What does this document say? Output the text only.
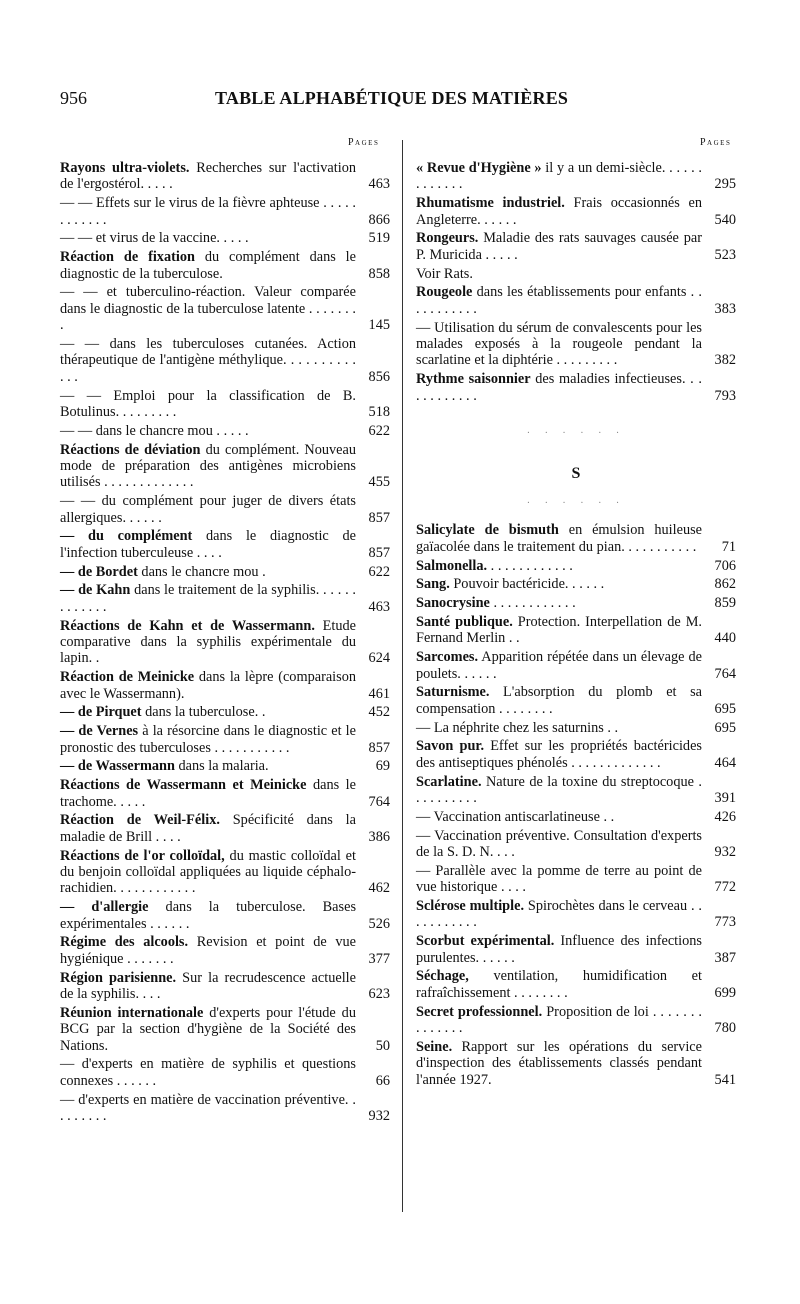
956	TABLE ALPHABÉTIQUE DES MATIÈRES
Pages	Pages
Rayons ultra-violets. Recherches sur l'activation de l'ergostérol. . . . .	463
— — Effets sur le virus de la fièvre aphteuse . . . . . . . . . . . .	866
— — et virus de la vaccine. . . . .	519
Réaction de fixation du complément dans le diagnostic de la tuberculose.	858
— — et tuberculino-réaction. Valeur comparée dans le diagnostic de la tuberculose latente . . . . . . . .	145
— — dans les tuberculoses cutanées. Action thérapeutique de l'antigène méthylique. . . . . . . . . . . . .	856
— — Emploi pour la classification de B. Botulinus. . . . . . . . .	518
— — dans le chancre mou . . . . .	622
Réactions de déviation du complément. Nouveau mode de préparation des antigènes microbiens utilisés . . . . . . . . . . . . .	455
— — du complément pour juger de divers états allergiques. . . . . .	857
— du complément dans le diagnostic de l'infection tuberculeuse . . . .	857
— de Bordet dans le chancre mou .	622
— de Kahn dans le traitement de la syphilis. . . . . . . . . . . . .	463
Réactions de Kahn et de Wassermann. Etude comparative dans la syphilis expérimentale du lapin. .	624
Réaction de Meinicke dans la lèpre (comparaison avec le Wassermann).	461
— de Pirquet dans la tuberculose. .	452
— de Vernes à la résorcine dans le diagnostic et le pronostic des tuberculoses . . . . . . . . . . .	857
— de Wassermann dans la malaria.	69
Réactions de Wassermann et Meinicke dans le trachome. . . . .	764
Réaction de Weil-Félix. Spécificité dans la maladie de Brill . . . .	386
Réactions de l'or colloïdal, du mastic colloïdal et du benjoin colloïdal appliquées au liquide céphalo-rachidien. . . . . . . . . . . .	462
— d'allergie dans la tuberculose. Bases expérimentales . . . . . .	526
Régime des alcools. Revision et point de vue hygiénique . . . . . . .	377
Région parisienne. Sur la recrudescence actuelle de la syphilis. . . .	623
Réunion internationale d'experts pour l'étude du BCG par la section d'hygiène de la Société des Nations.	50
— d'experts en matière de syphilis et questions connexes . . . . . .	66
— d'experts en matière de vaccination préventive. . . . . . . . .	932
« Revue d'Hygiène » il y a un demi-siècle. . . . . . . . . . . . .	295
Rhumatisme industriel. Frais occasionnés en Angleterre. . . . . .	540
Rongeurs. Maladie des rats sauvages causée par P. Muricida . . . . .	523
Voir Rats.
Rougeole dans les établissements pour enfants . . . . . . . . . . .	383
— Utilisation du sérum de convalescents pour les malades exposés à la rougeole pendant la scarlatine et la diphtérie . . . . . . . . .	382
Rythme saisonnier des maladies infectieuses. . . . . . . . . . . .	793
· · · · · ·
S
· · · · · ·
Salicylate de bismuth en émulsion huileuse gaïacolée dans le traitement du pian. . . . . . . . . . .	71
Salmonella. . . . . . . . . . . . .	706
Sang. Pouvoir bactéricide. . . . . .	862
Sanocrysine . . . . . . . . . . . .	859
Santé publique. Protection. Interpellation de M. Fernand Merlin . .	440
Sarcomes. Apparition répétée dans un élevage de poulets. . . . . .	764
Saturnisme. L'absorption du plomb et sa compensation . . . . . . . .	695
— La néphrite chez les saturnins . .	695
Savon pur. Effet sur les propriétés bactéricides des antiseptiques phénolés . . . . . . . . . . . . .	464
Scarlatine. Nature de la toxine du streptocoque . . . . . . . . . .	391
— Vaccination antiscarlatineuse . .	426
— Vaccination préventive. Consultation d'experts de la S. D. N. . . .	932
— Parallèle avec la pomme de terre au point de vue historique . . . .	772
Sclérose multiple. Spirochètes dans le cerveau . . . . . . . . . . .	773
Scorbut expérimental. Influence des infections purulentes. . . . . .	387
Séchage, ventilation, humidification et rafraîchissement . . . . . . . .	699
Secret professionnel. Proposition de loi . . . . . . . . . . . . . .	780
Seine. Rapport sur les opérations du service d'inspection des établissements classés pendant l'année 1927.	541
